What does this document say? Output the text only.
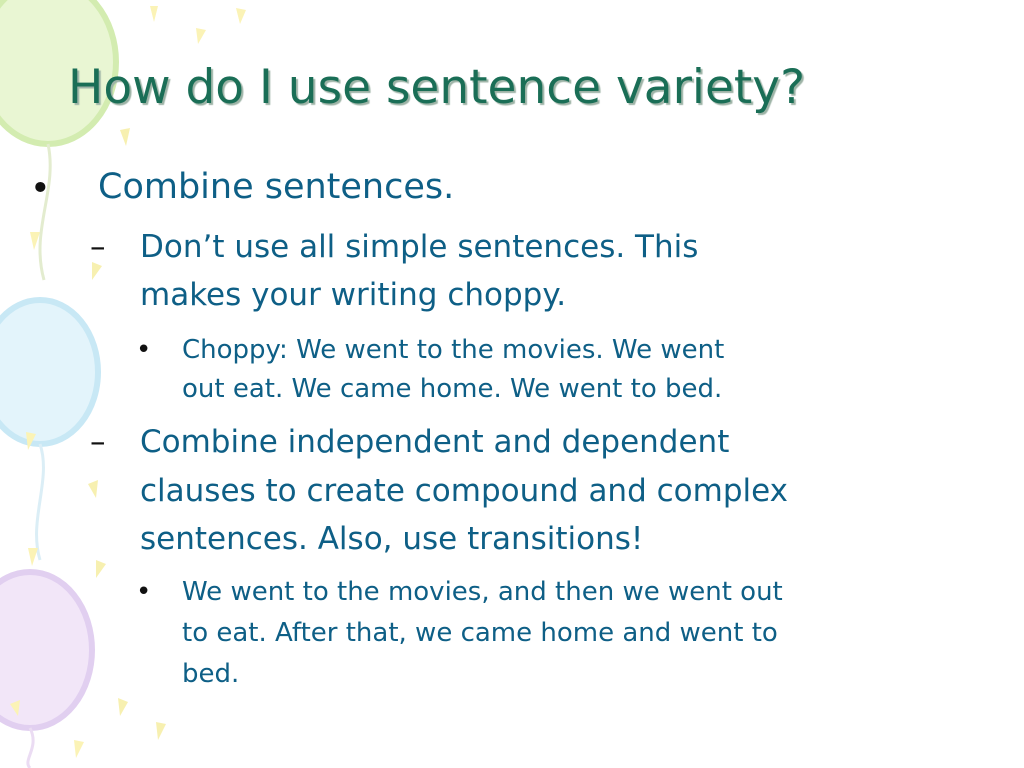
How do I use sentence variety?
• Combine sentences.
– Don’t use all simple sentences. This
makes your writing choppy.
• Choppy: We went to the movies. We went
out eat. We came home. We went to bed.
– Combine independent and dependent
clauses to create compound and complex
sentences. Also, use transitions!
• We went to the movies, and then we went out
to eat. After that, we came home and went to
bed.
